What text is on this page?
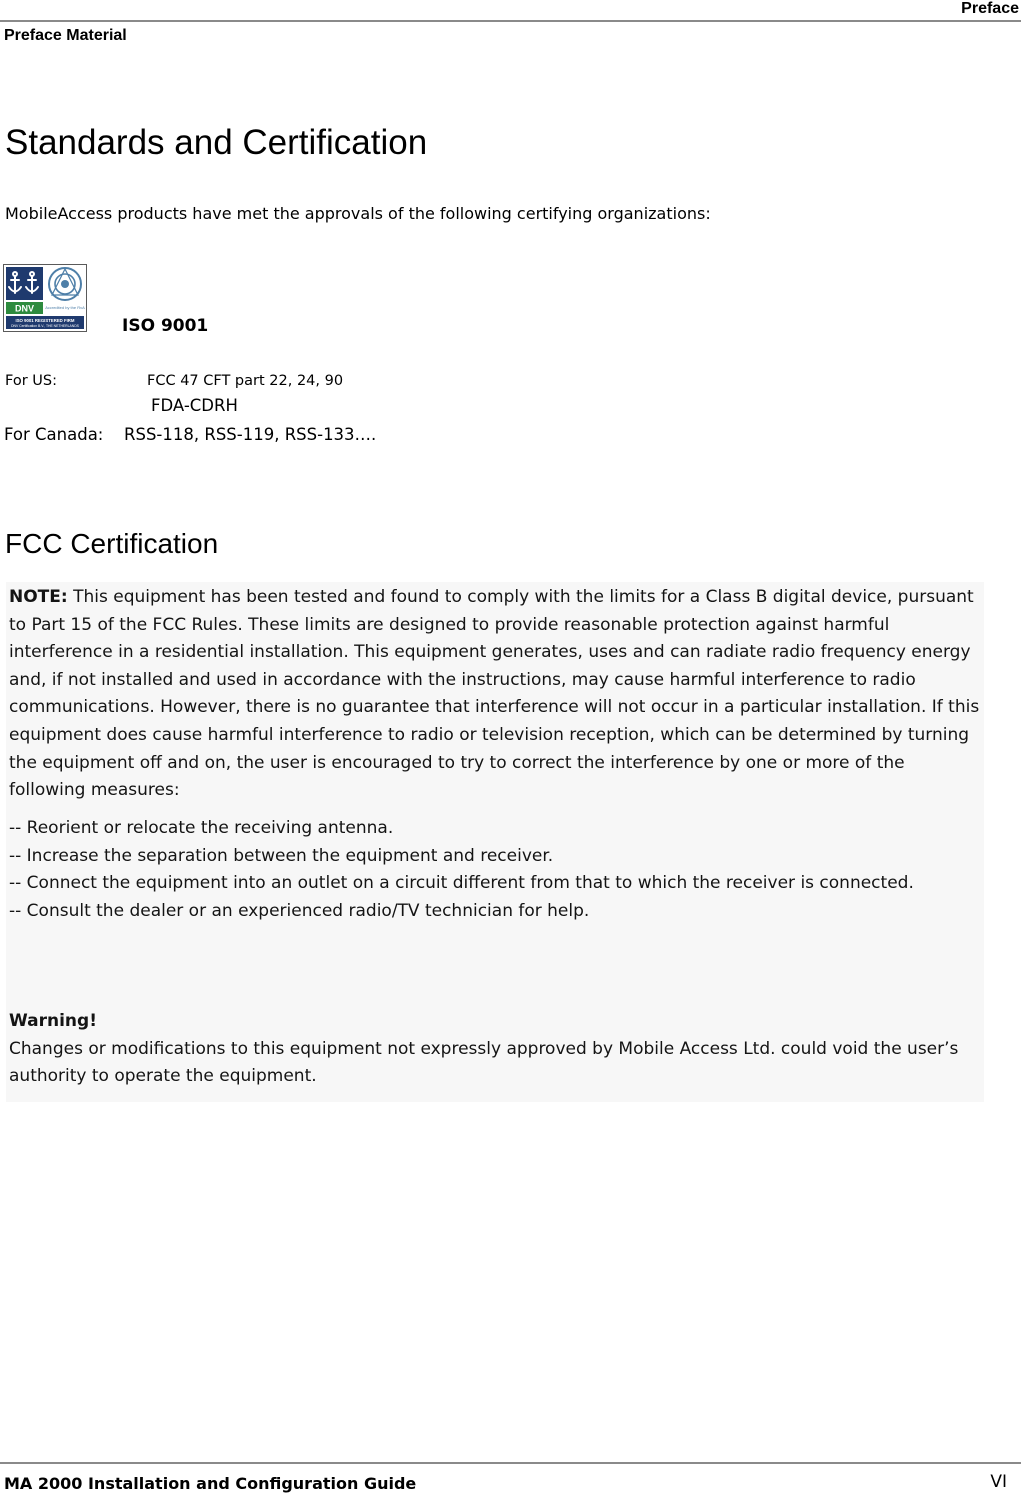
Preface
Preface Material
Standards and Certification
MobileAccess products have met the approvals of the following certifying organizations:
DNV	Accredited by the RvA
ISO 9001 REGISTERED FIRM
DNV Certification B.V., THE NETHERLANDS	ISO 9001
For US:	FCC 47 CFT part 22, 24, 90
FDA-CDRH
For Canada: RSS-118, RSS-119, RSS-133….
FCC Certification

NOTE: This equipment has been tested and found to comply with the limits for a Class B digital device, pursuant to Part 15 of the FCC Rules. These limits are designed to provide reasonable protection against harmful interference in a residential installation. This equipment generates, uses and can radiate radio frequency energy and, if not installed and used in accordance with the instructions, may cause harmful interference to radio communications. However, there is no guarantee that interference will not occur in a particular installation. If this equipment does cause harmful interference to radio or television reception, which can be determined by turning the equipment off and on, the user is encouraged to try to correct the interference by one or more of the following measures:

-- Reorient or relocate the receiving antenna.

-- Increase the separation between the equipment and receiver.

-- Connect the equipment into an outlet on a circuit different from that to which the receiver is connected.

-- Consult the dealer or an experienced radio/TV technician for help.

Warning!

Changes or modifications to this equipment not expressly approved by Mobile Access Ltd. could void the user’s authority to operate the equipment.

MA 2000 Installation and Configuration Guide	VI
